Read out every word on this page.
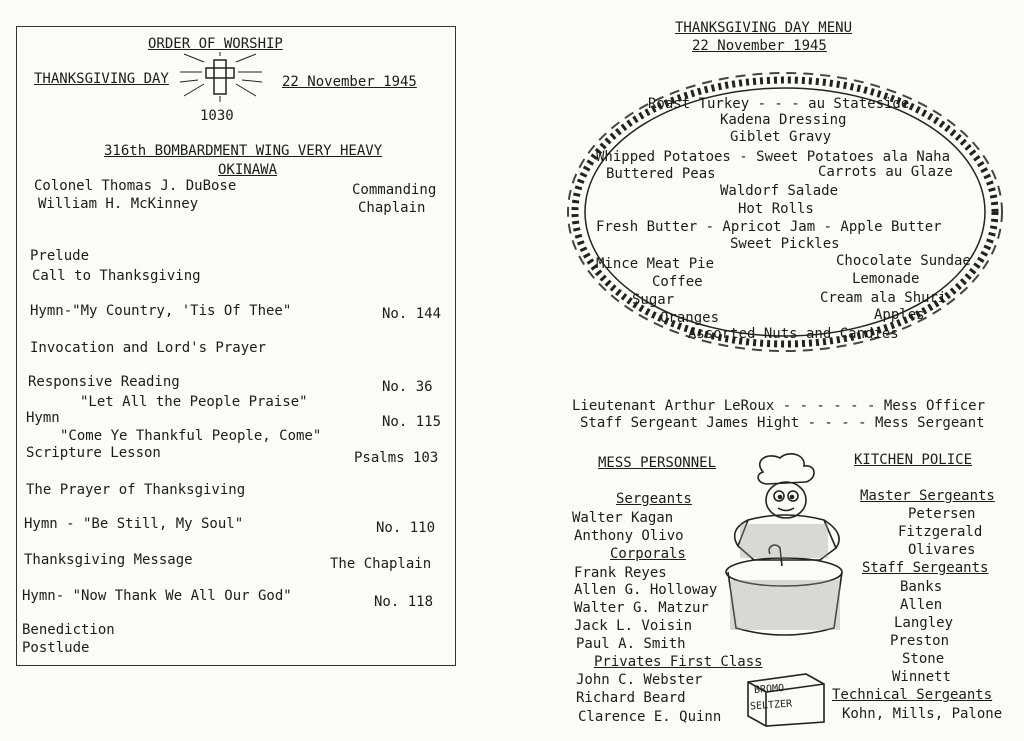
ORDER OF WORSHIP
THANKSGIVING DAY	22 November 1945
1030
316th BOMBARDMENT WING VERY HEAVY
OKINAWA
Colonel Thomas J. DuBose	Commanding
William H. McKinney	Chaplain
Prelude
Call to Thanksgiving
Hymn-"My Country, 'Tis Of Thee"	No. 144
Invocation and Lord's Prayer
Responsive Reading	No. 36
"Let All the People Praise"
Hymn	No. 115
"Come Ye Thankful People, Come"
Scripture Lesson	Psalms 103
The Prayer of Thanksgiving
Hymn - "Be Still, My Soul"	No. 110
Thanksgiving Message	The Chaplain
Hymn- "Now Thank We All Our God"	No. 118
Benediction
Postlude
THANKSGIVING DAY MENU
22 November 1945
Roast Turkey - - - au Stateside
Kadena Dressing
Giblet Gravy
Whipped Potatoes - Sweet Potatoes ala Naha
Buttered Peas	Carrots au Glaze
Waldorf Salade
Hot Rolls
Fresh Butter - Apricot Jam - Apple Butter
Sweet Pickles
Mince Meat Pie	Chocolate Sundae
Coffee	Lemonade
Sugar	Cream ala Shuri
Oranges	Apples
Assorted Nuts and Candies
Lieutenant Arthur LeRoux - - - - - - Mess Officer
Staff Sergeant James Hight - - - - Mess Sergeant
MESS PERSONNEL
Sergeants
Walter Kagan
Anthony Olivo
Corporals
Frank Reyes
Allen G. Holloway
Walter G. Matzur
Jack L. Voisin
Paul A. Smith
Privates First Class
John C. Webster
Richard Beard
Clarence E. Quinn
KITCHEN POLICE
Master Sergeants
Petersen
Fitzgerald
Olivares
Staff Sergeants
Banks
Allen
Langley
Preston
Stone
Winnett
Technical Sergeants
Kohn, Mills, Palone
BROMO
SELTZER
